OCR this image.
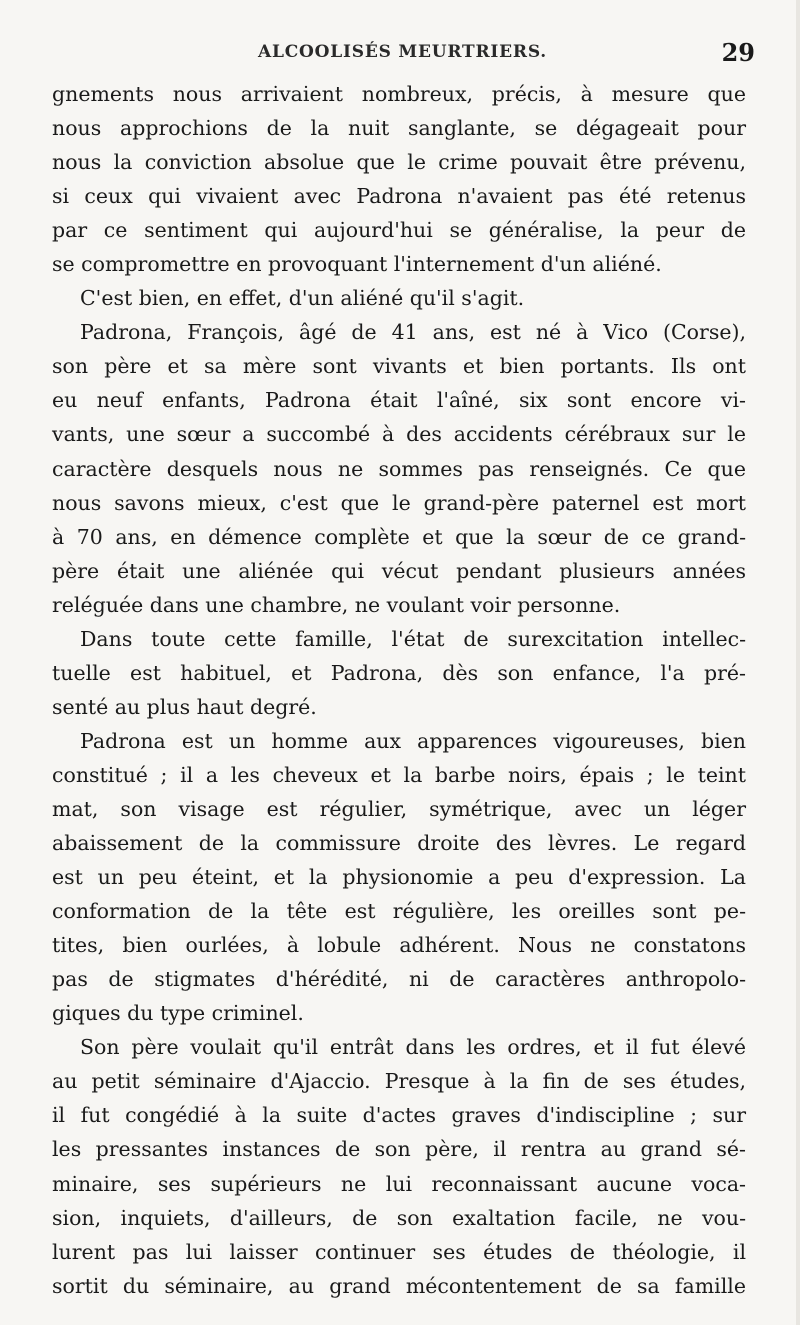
ALCOOLISÉS MEURTRIERS.	29
gnements nous arrivaient nombreux, précis, à mesure que
nous approchions de la nuit sanglante, se dégageait pour
nous la conviction absolue que le crime pouvait être prévenu,
si ceux qui vivaient avec Padrona n'avaient pas été retenus
par ce sentiment qui aujourd'hui se généralise, la peur de
se compromettre en provoquant l'internement d'un aliéné.
C'est bien, en effet, d'un aliéné qu'il s'agit.
Padrona, François, âgé de 41 ans, est né à Vico (Corse),
son père et sa mère sont vivants et bien portants. Ils ont
eu neuf enfants, Padrona était l'aîné, six sont encore vi-
vants, une sœur a succombé à des accidents cérébraux sur le
caractère desquels nous ne sommes pas renseignés. Ce que
nous savons mieux, c'est que le grand-père paternel est mort
à 70 ans, en démence complète et que la sœur de ce grand-
père était une aliénée qui vécut pendant plusieurs années
reléguée dans une chambre, ne voulant voir personne.
Dans toute cette famille, l'état de surexcitation intellec-
tuelle est habituel, et Padrona, dès son enfance, l'a pré-
senté au plus haut degré.
Padrona est un homme aux apparences vigoureuses, bien
constitué ; il a les cheveux et la barbe noirs, épais ; le teint
mat, son visage est régulier, symétrique, avec un léger
abaissement de la commissure droite des lèvres. Le regard
est un peu éteint, et la physionomie a peu d'expression. La
conformation de la tête est régulière, les oreilles sont pe-
tites, bien ourlées, à lobule adhérent. Nous ne constatons
pas de stigmates d'hérédité, ni de caractères anthropolo-
giques du type criminel.
Son père voulait qu'il entrât dans les ordres, et il fut élevé
au petit séminaire d'Ajaccio. Presque à la fin de ses études,
il fut congédié à la suite d'actes graves d'indiscipline ; sur
les pressantes instances de son père, il rentra au grand sé-
minaire, ses supérieurs ne lui reconnaissant aucune voca-
sion, inquiets, d'ailleurs, de son exaltation facile, ne vou-
lurent pas lui laisser continuer ses études de théologie, il
sortit du séminaire, au grand mécontentement de sa famille
